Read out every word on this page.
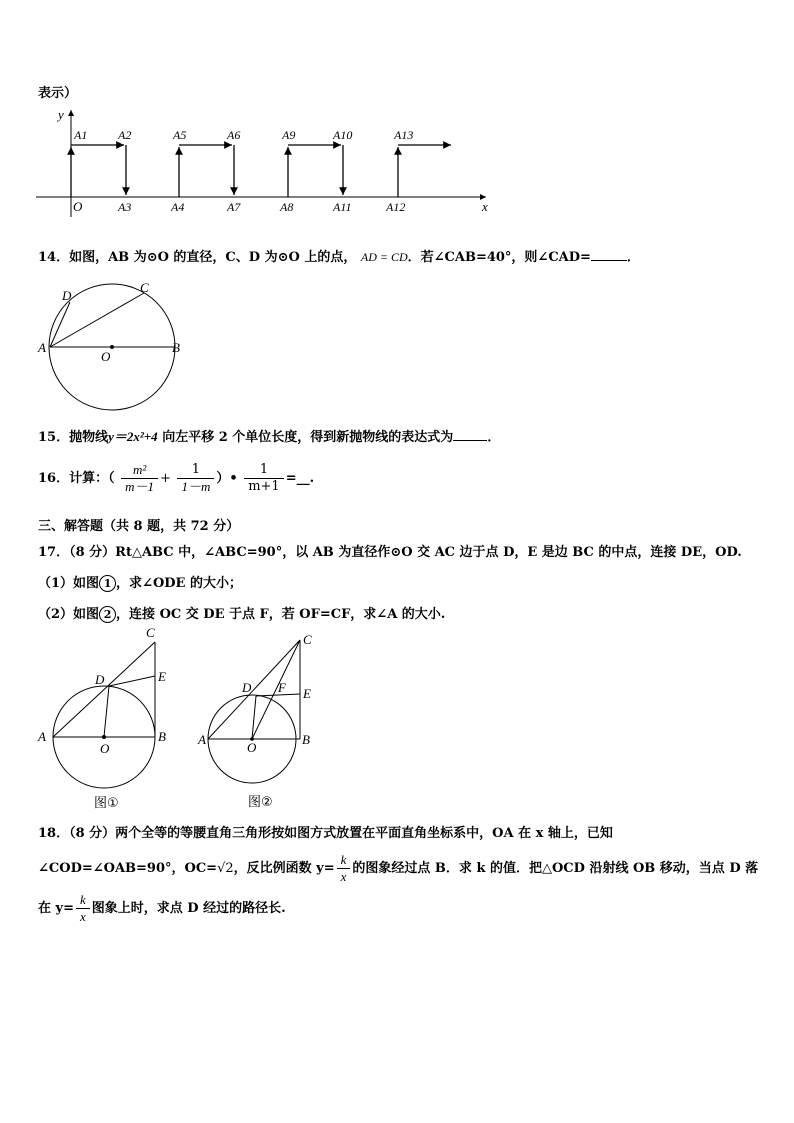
表示）
y
x
O
A1	A2	A5	A6	A9	A10	A13
A3	A4	A7	A8	A11	A12
14．如图，AB 为⊙O 的直径，C、D 为⊙O 上的点， AD = CD．若∠CAB=40°，则∠CAD=	．
D
C
A
O
B
15．抛物线y＝2x²+4 向左平移 2 个单位长度，得到新抛物线的表达式为	．
16．计算：（ $\frac{\text{m²}}{m-1} + \frac{1}{1-m}$ ）• $\frac{1}{m+1}$ =__.
三、解答题（共 8 题，共 72 分）
17．（8 分）Rt△ABC 中，∠ABC=90°，以 AB 为直径作⊙O 交 AC 边于点 D，E 是边 BC 的中点，连接 DE，OD.
（1）如图 1 ，求∠ODE 的大小；
（2）如图 2 ，连接 OC 交 DE 于点 F，若 OF=CF，求∠A 的大小.
C
D	E
A
O
B
图①
C
D F E
A
O
B
图②
18．（8 分）两个全等的等腰直角三角形按如图方式放置在平面直角坐标系中，OA 在 x 轴上，已知
∠COD=∠OAB=90°，OC=√2，反比例函数 $y= \frac{k}{x}$ 的图象经过点 B．求 k 的值．把△OCD 沿射线 OB 移动，当点 D 落
在 $y= \frac{k}{x}$ 图象上时，求点 D 经过的路径长.
